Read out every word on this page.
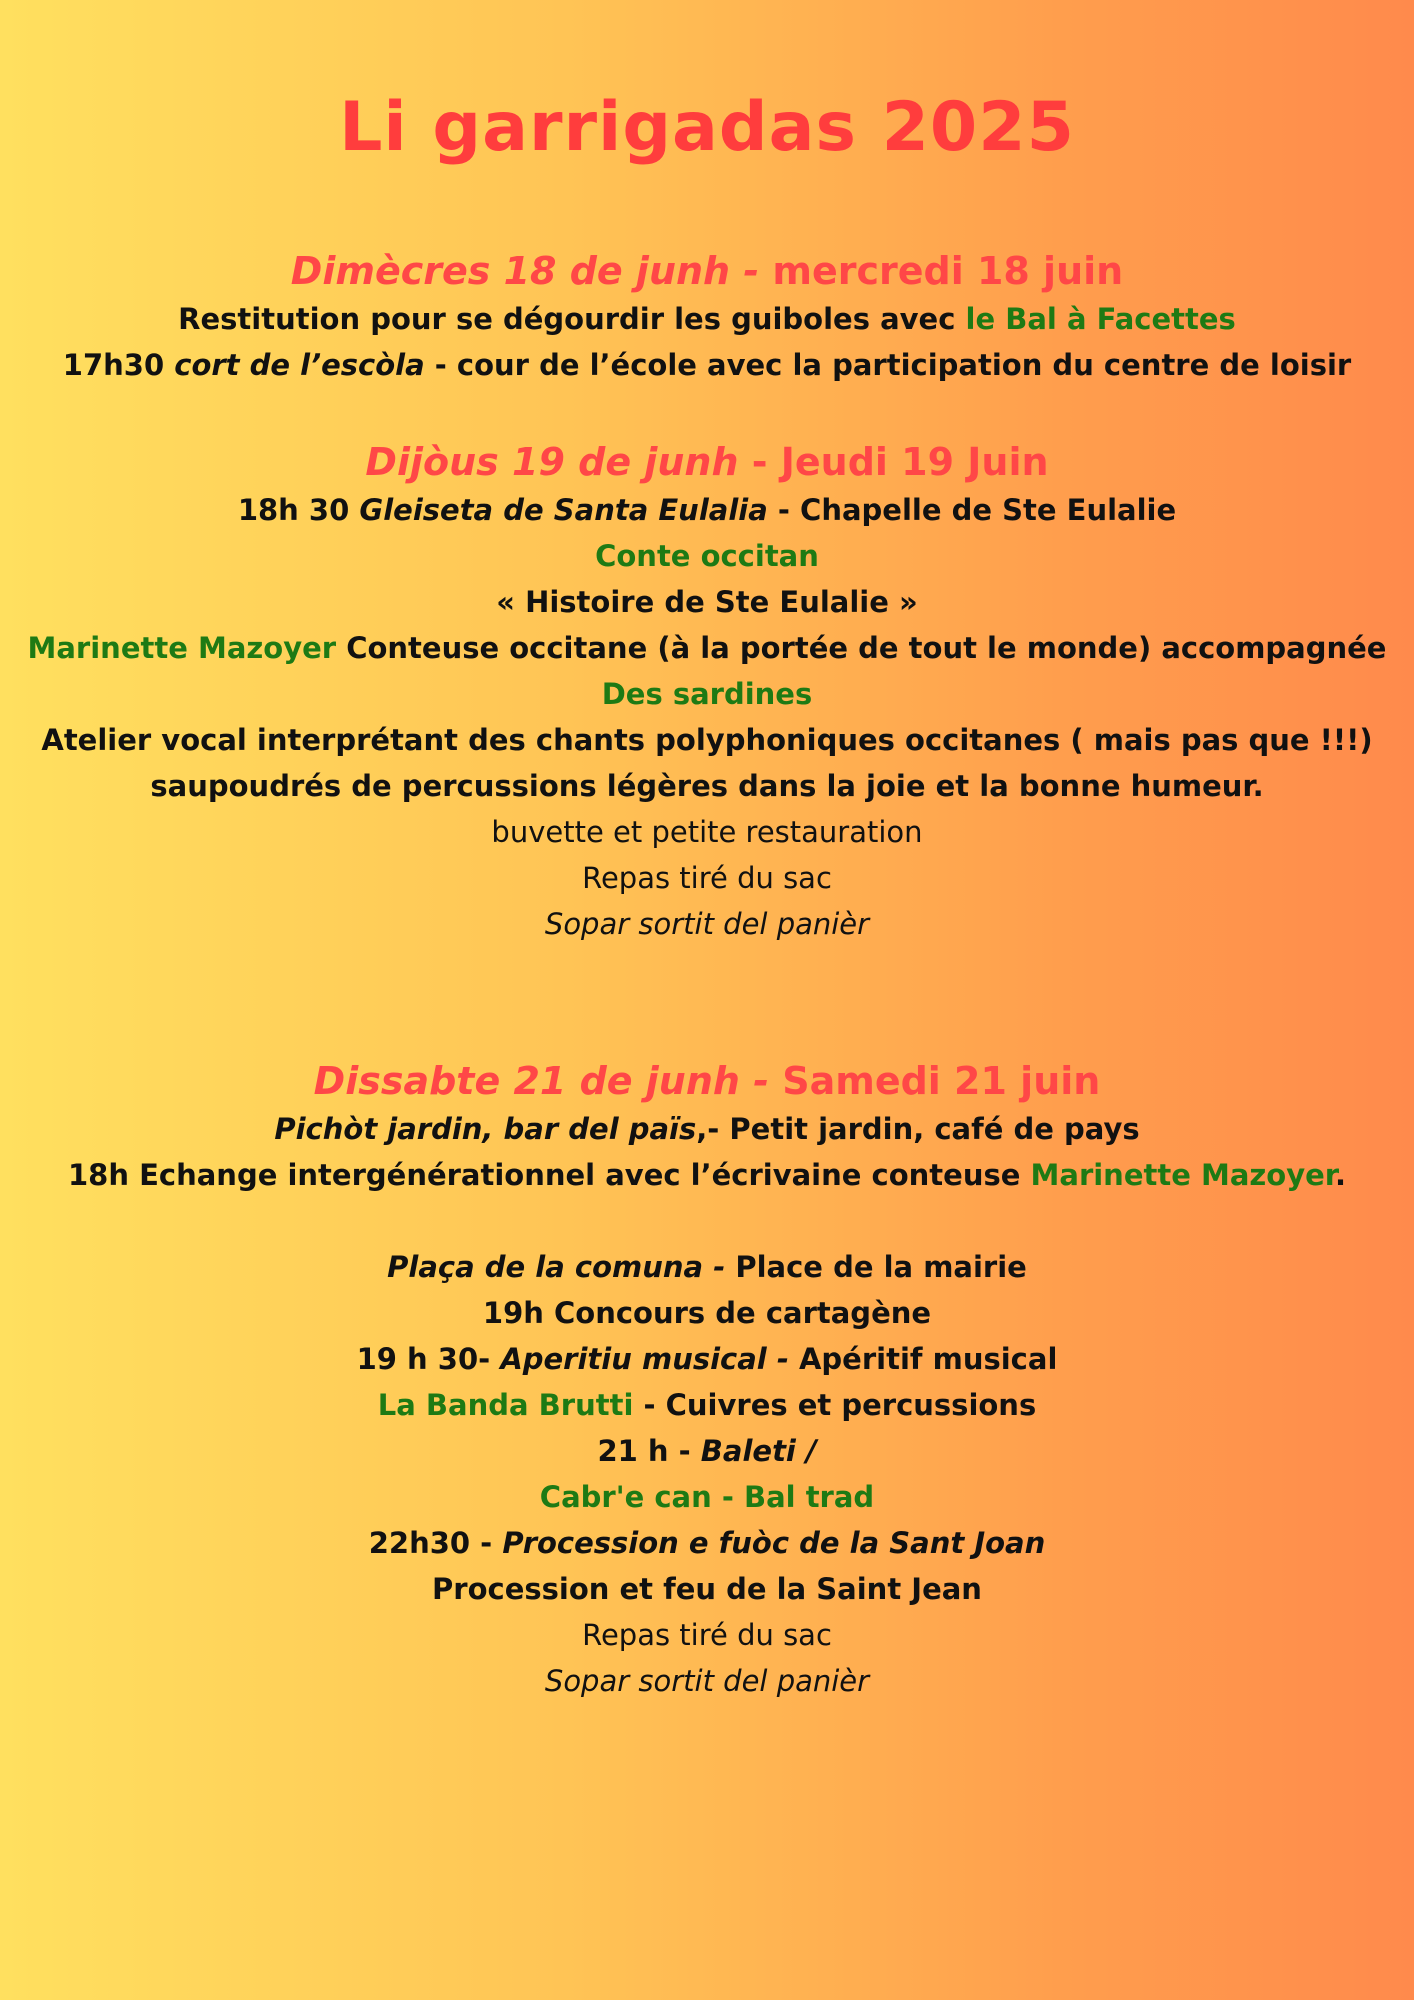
Li garrigadas 2025
Dimècres 18 de junh - mercredi 18 juin
Restitution pour se dégourdir les guiboles avec le Bal à Facettes
17h30 cort de l’escòla - cour de l’école avec la participation du centre de loisir
Dijòus 19 de junh - Jeudi 19 Juin
18h 30 Gleiseta de Santa Eulalia - Chapelle de Ste Eulalie
Conte occitan
« Histoire de Ste Eulalie »
Marinette Mazoyer Conteuse occitane (à la portée de tout le monde) accompagnée
Des sardines
Atelier vocal interprétant des chants polyphoniques occitanes ( mais pas que !!!)
saupoudrés de percussions légères dans la joie et la bonne humeur.
buvette et petite restauration
Repas tiré du sac
Sopar sortit del panièr
Dissabte 21 de junh - Samedi 21 juin
Pichòt jardin, bar del paїs,- Petit jardin, café de pays
18h Echange intergénérationnel avec l’écrivaine conteuse Marinette Mazoyer.
Plaça de la comuna - Place de la mairie
19h Concours de cartagène
19 h 30- Aperitiu musical - Apéritif musical
La Banda Brutti - Cuivres et percussions
21 h - Baleti /
Cabr'e can - Bal trad
22h30 - Procession e fuòc de la Sant Joan
Procession et feu de la Saint Jean
Repas tiré du sac
Sopar sortit del panièr
